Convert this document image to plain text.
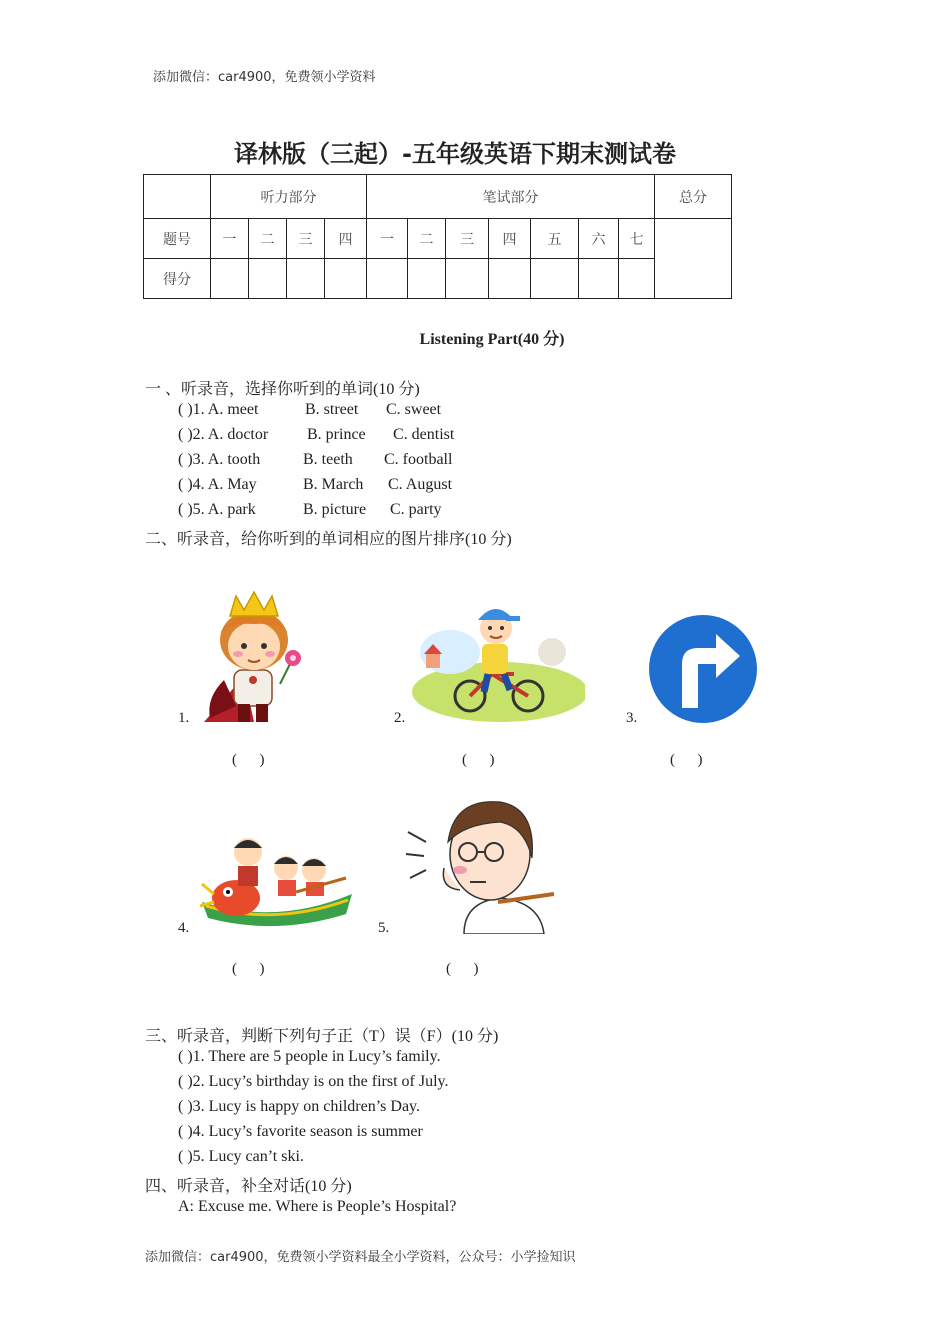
添加微信：car4900，免费领小学资料
译林版（三起）-五年级英语下期末测试卷
	听力部分				笔试部分							总分
题号	一	二	三	四	一	二	三	四	五	六	七	
得分												
Listening Part(40 分)
一 、听录音，选择你听到的单词(10 分)
( )1. A. meet	B. street C. sweet
( )2. A. doctor B. prince C. dentist
( )3. A. tooth	B. teeth C. football
( )4. A. May	B. March C. August
( )5. A. park	B. picture C. party
二、听录音，给你听到的单词相应的图片排序(10 分)
1.	2.	3.
(      )	(      )	(      )
4.	5.
(      )	(      )
三、听录音，判断下列句子正（T）误（F）(10 分)
( )1. There are 5 people in Lucy’s family.
( )2. Lucy’s birthday is on the first of July.
( )3. Lucy is happy on children’s Day.
( )4. Lucy’s favorite season is summer
( )5. Lucy can’t ski.
四、听录音，补全对话(10 分)
A: Excuse me. Where is People’s Hospital?
添加微信：car4900，免费领小学资料最全小学资料，公众号：小学捡知识
